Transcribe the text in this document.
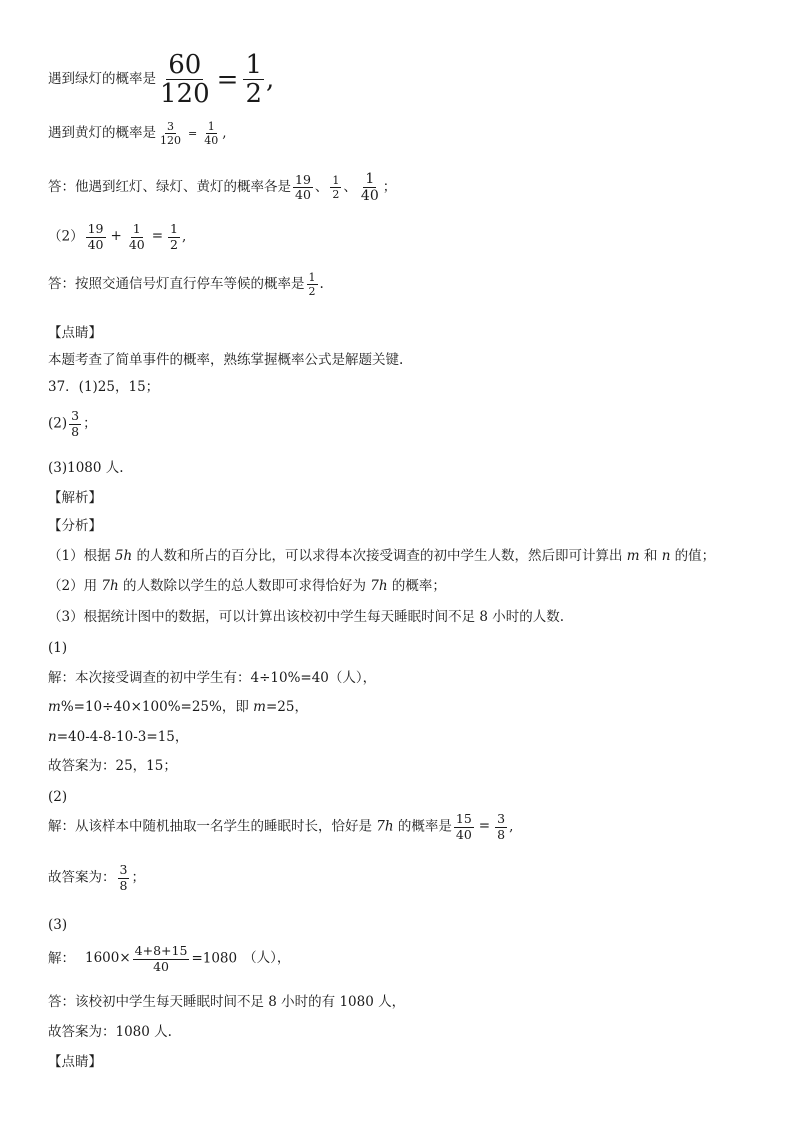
遇到绿灯的概率是 $\frac{60}{120} = \frac{1}{2}$ ,
遇到黄灯的概率是 $\frac{3}{120} = \frac{1}{40}$ ,
答：他遇到红灯、绿灯、黄灯的概率各是 $\frac{19}{40}$ 、 $\frac{1}{2}$ 、 $\frac{1}{40}$ ；
$(2) \frac{19}{40} + \frac{1}{40} = \frac{1}{2}$ ,
答：按照交通信号灯直行停车等候的概率是 $\frac{1}{2}$ .
【点睛】
本题考查了简单事件的概率，熟练掌握概率公式是解题关键.
37．(1)25，15；
$(2) \frac{3}{8}$ ；
(3)1080 人.
【解析】
【分析】
（1）根据 5h 的人数和所占的百分比，可以求得本次接受调查的初中学生人数，然后即可计算出 m 和 n 的值；
（2）用 7h 的人数除以学生的总人数即可求得恰好为 7h 的概率；
（3）根据统计图中的数据，可以计算出该校初中学生每天睡眠时间不足 8 小时的人数.
(1)
解：本次接受调查的初中学生有：4÷10%=40（人），
m%=10÷40×100%=25%，即 m=25，
n=40-4-8-10-3=15，
故答案为：25，15；
(2)
解：从该样本中随机抽取一名学生的睡眠时长，恰好是 7h 的概率是 $\frac{15}{40} = \frac{3}{8}$ ,
故答案为： $\frac{3}{8}$ ；
(3)
解： $1600\times \frac{4+8+15}{40} =1080$ （人），
答：该校初中学生每天睡眠时间不足 8 小时的有 1080 人，
故答案为：1080 人.
【点睛】
